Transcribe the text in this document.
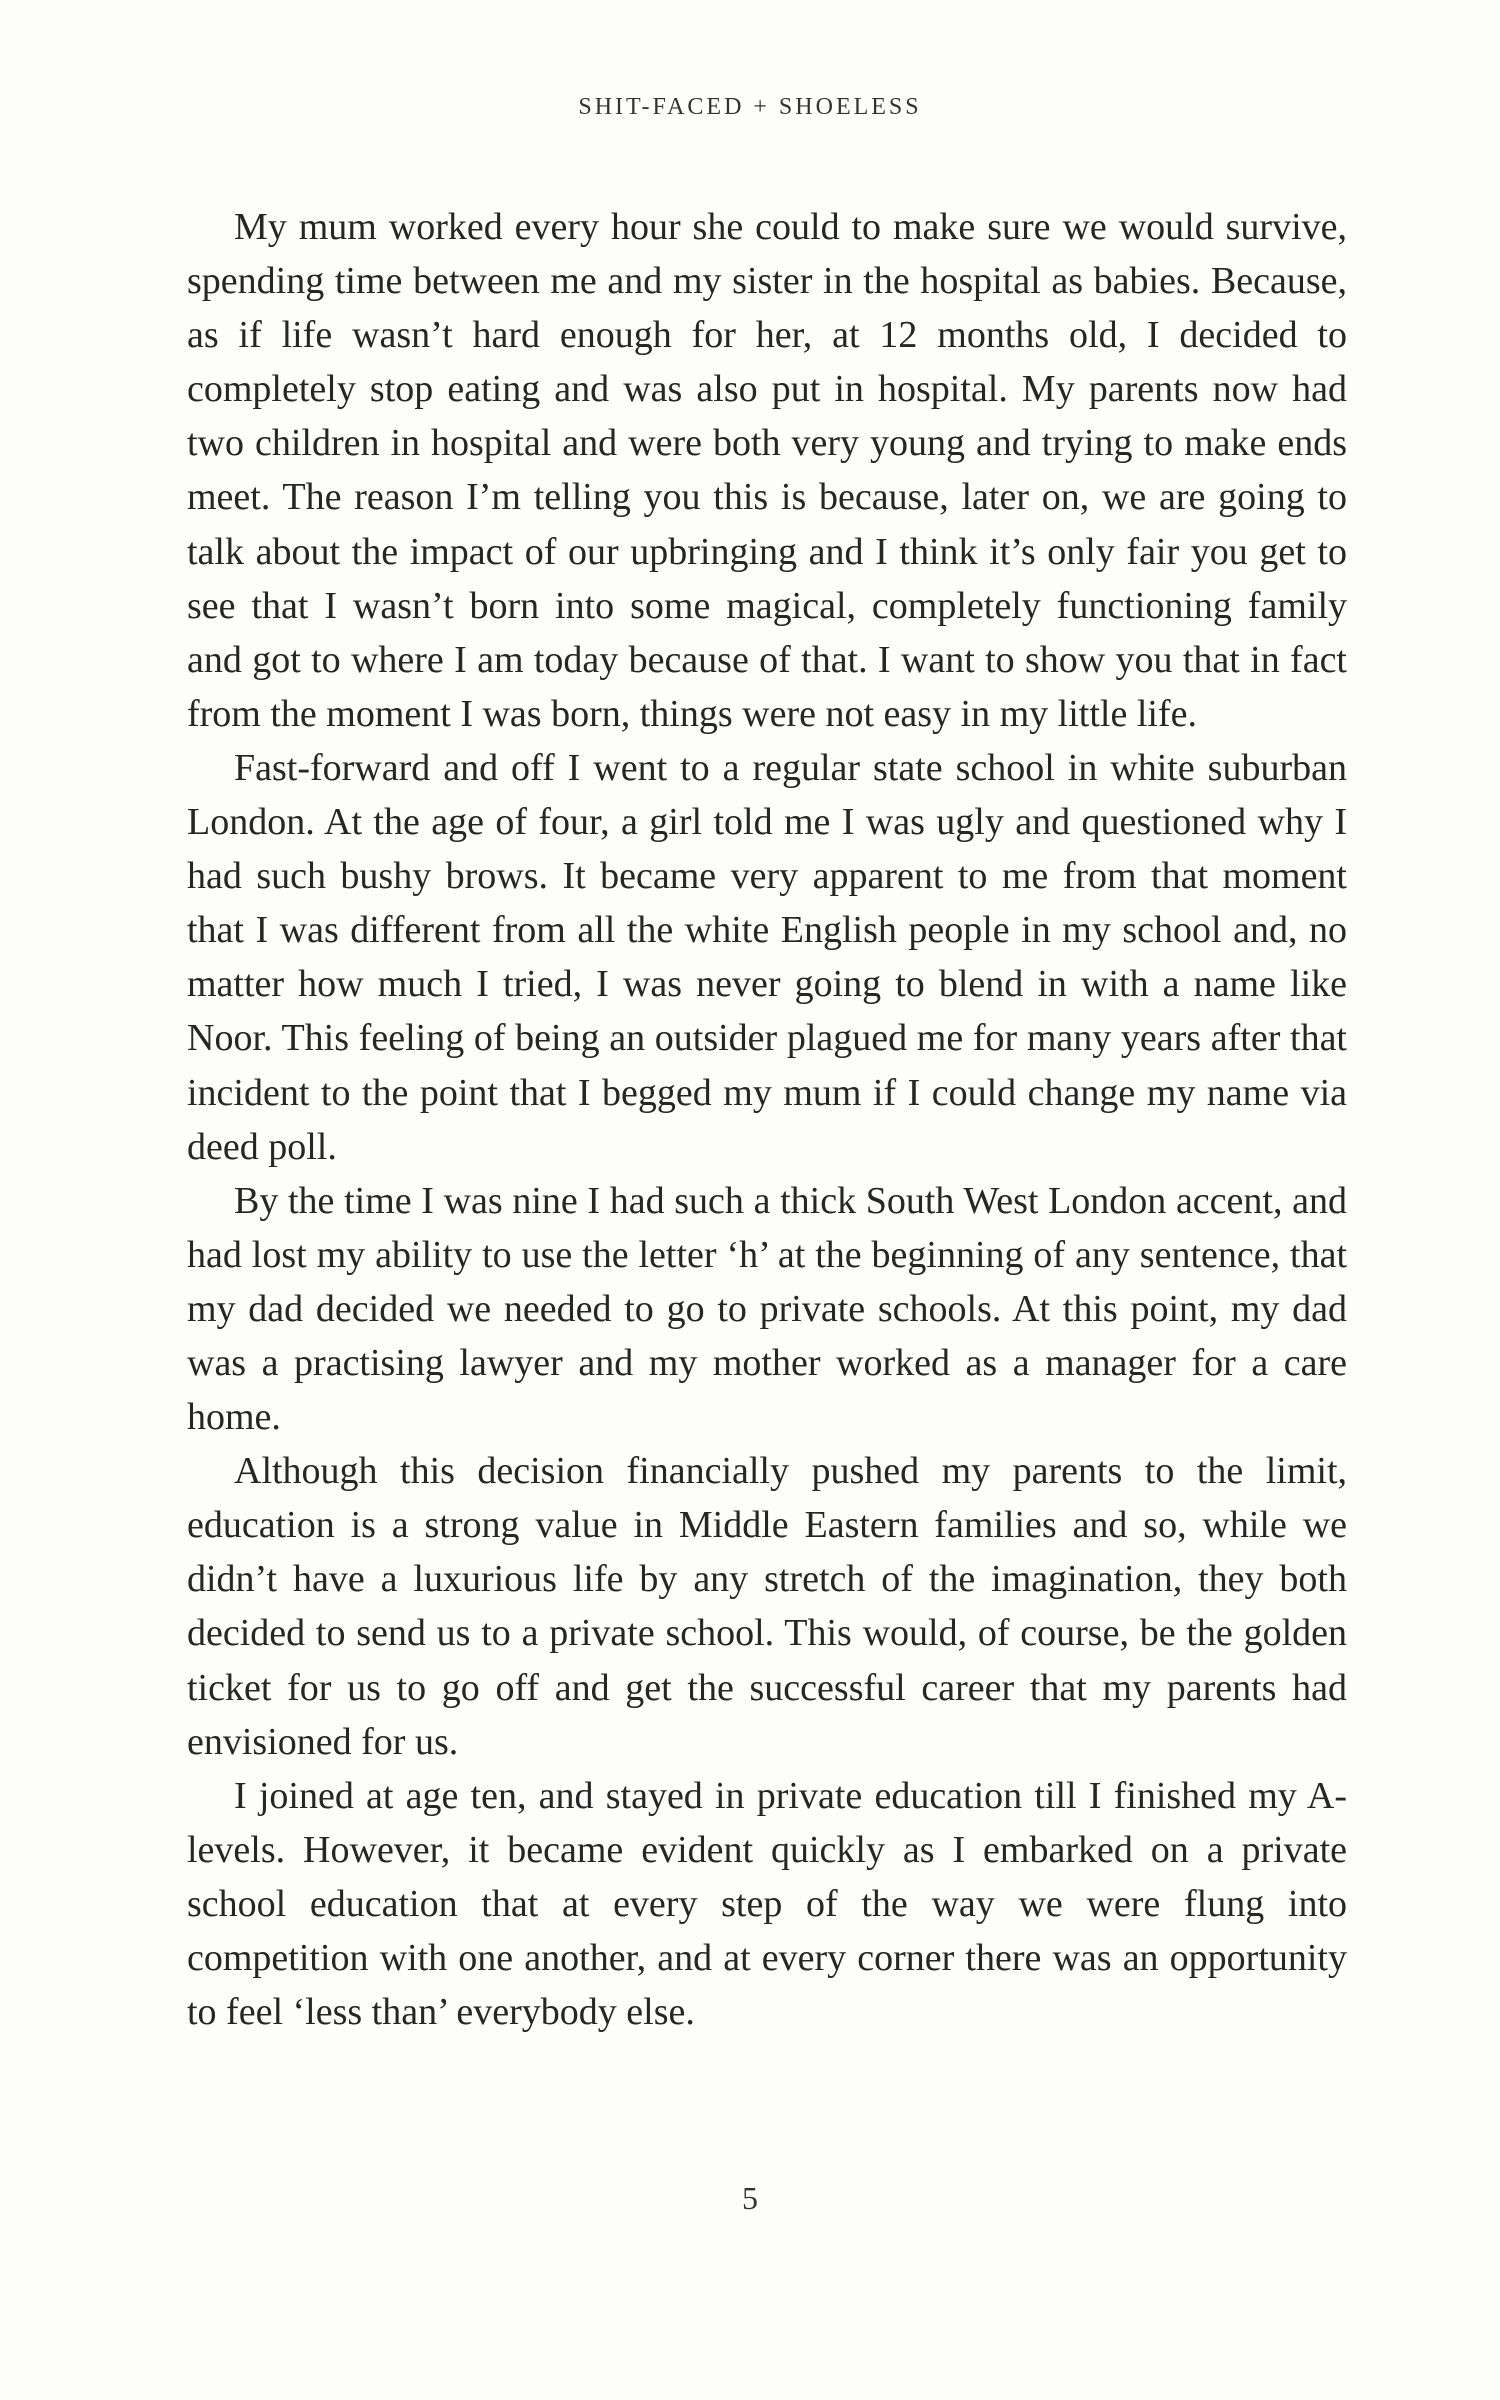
SHIT-FACED + SHOELESS

My mum worked every hour she could to make sure we would survive, spending time between me and my sister in the hospital as babies. Because, as if life wasn’t hard enough for her, at 12 months old, I decided to completely stop eating and was also put in hospital. My parents now had two children in hospital and were both very young and trying to make ends meet. The reason I’m telling you this is because, later on, we are going to talk about the impact of our upbringing and I think it’s only fair you get to see that I wasn’t born into some magical, completely functioning family and got to where I am today because of that. I want to show you that in fact from the moment I was born, things were not easy in my little life.

Fast-forward and off I went to a regular state school in white suburban London. At the age of four, a girl told me I was ugly and questioned why I had such bushy brows. It became very apparent to me from that moment that I was different from all the white English people in my school and, no matter how much I tried, I was never going to blend in with a name like Noor. This feeling of being an outsider plagued me for many years after that incident to the point that I begged my mum if I could change my name via deed poll.

By the time I was nine I had such a thick South West London accent, and had lost my ability to use the letter ‘h’ at the beginning of any sentence, that my dad decided we needed to go to private schools. At this point, my dad was a practising lawyer and my mother worked as a manager for a care home.

Although this decision financially pushed my parents to the limit, education is a strong value in Middle Eastern families and so, while we didn’t have a luxurious life by any stretch of the imagination, they both decided to send us to a private school. This would, of course, be the golden ticket for us to go off and get the successful career that my parents had envisioned for us.

I joined at age ten, and stayed in private education till I finished my A-levels. However, it became evident quickly as I embarked on a private school education that at every step of the way we were flung into competition with one another, and at every corner there was an opportunity to feel ‘less than’ everybody else.

5
